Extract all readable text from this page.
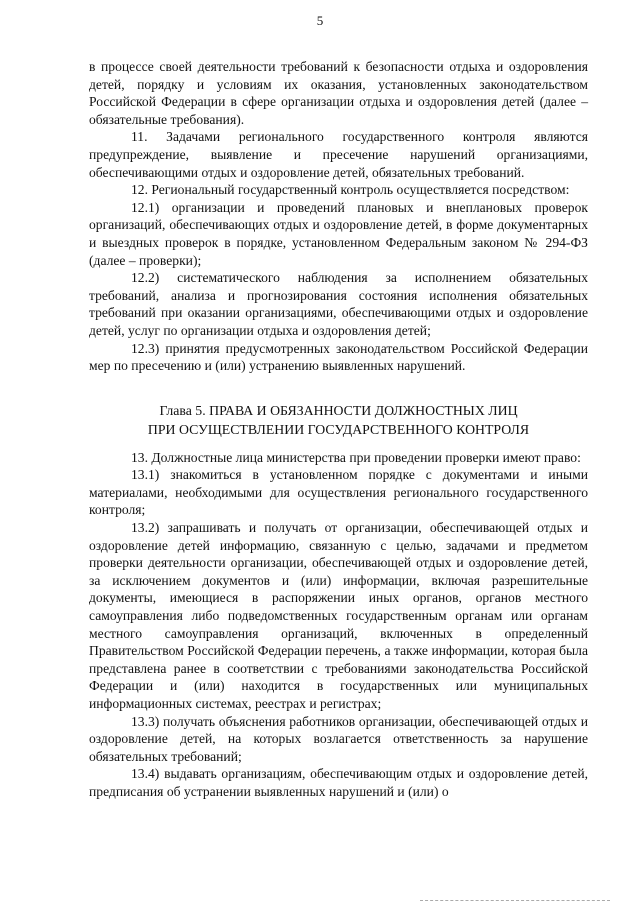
5

в процессе своей деятельности требований к безопасности отдыха и оздоровления детей, порядку и условиям их оказания, установленных законодательством Российской Федерации в сфере организации отдыха и оздоровления детей (далее – обязательные требования).

11. Задачами регионального государственного контроля являются предупреждение, выявление и пресечение нарушений организациями, обеспечивающими отдых и оздоровление детей, обязательных требований.

12. Региональный государственный контроль осуществляется посредством:

12.1) организации и проведений плановых и внеплановых проверок организаций, обеспечивающих отдых и оздоровление детей, в форме документарных и выездных проверок в порядке, установленном Федеральным законом № 294-ФЗ (далее – проверки);

12.2) систематического наблюдения за исполнением обязательных требований, анализа и прогнозирования состояния исполнения обязательных требований при оказании организациями, обеспечивающими отдых и оздоровление детей, услуг по организации отдыха и оздоровления детей;

12.3) принятия предусмотренных законодательством Российской Федерации мер по пресечению и (или) устранению выявленных нарушений.

Глава 5. ПРАВА И ОБЯЗАННОСТИ ДОЛЖНОСТНЫХ ЛИЦ
ПРИ ОСУЩЕСТВЛЕНИИ ГОСУДАРСТВЕННОГО КОНТРОЛЯ

13. Должностные лица министерства при проведении проверки имеют право:

13.1) знакомиться в установленном порядке с документами и иными материалами, необходимыми для осуществления регионального государственного контроля;

13.2) запрашивать и получать от организации, обеспечивающей отдых и оздоровление детей информацию, связанную с целью, задачами и предметом проверки деятельности организации, обеспечивающей отдых и оздоровление детей, за исключением документов и (или) информации, включая разрешительные документы, имеющиеся в распоряжении иных органов, органов местного самоуправления либо подведомственных государственным органам или органам местного самоуправления организаций, включенных в определенный Правительством Российской Федерации перечень, а также информации, которая была представлена ранее в соответствии с требованиями законодательства Российской Федерации и (или) находится в государственных или муниципальных информационных системах, реестрах и регистрах;

13.3) получать объяснения работников организации, обеспечивающей отдых и оздоровление детей, на которых возлагается ответственность за нарушение обязательных требований;

13.4) выдавать организациям, обеспечивающим отдых и оздоровление детей, предписания об устранении выявленных нарушений и (или) о
